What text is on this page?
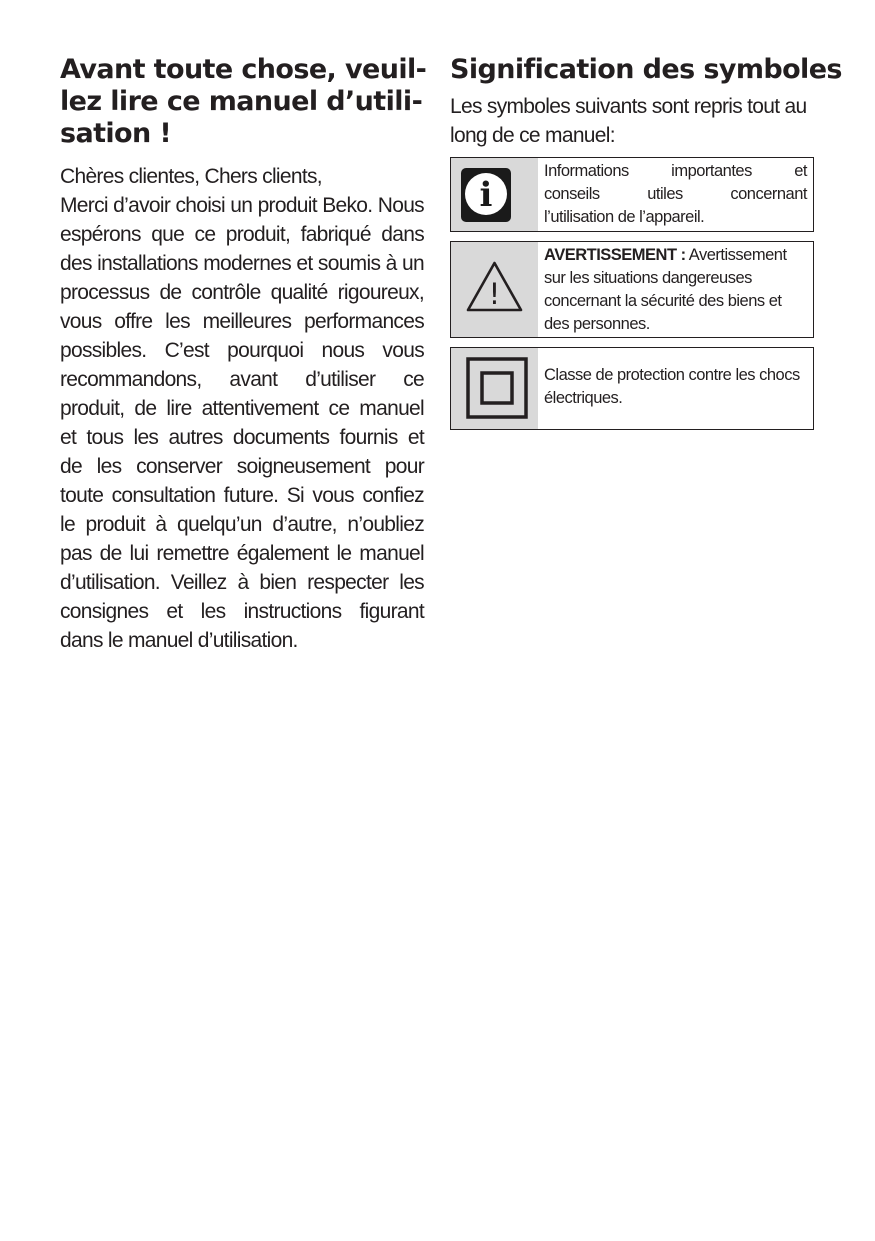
Avant toute chose, veuil-
lez lire ce manuel d’utili-
sation !
Chères clientes, Chers clients,
Merci d’avoir choisi un produit Beko. Nous
espérons que ce produit, fabriqué dans
des installations modernes et soumis à un
processus de contrôle qualité rigoureux,
vous offre les meilleures performances
possibles. C’est pourquoi nous vous
recommandons, avant d’utiliser ce
produit, de lire attentivement ce manuel
et tous les autres documents fournis et
de les conserver soigneusement pour
toute consultation future. Si vous confiez
le produit à quelqu’un d’autre, n’oubliez
pas de lui remettre également le manuel
d’utilisation. Veillez à bien respecter les
consignes et les instructions figurant
dans le manuel d’utilisation.
Signification des symboles
Les symboles suivants sont repris tout au
long de ce manuel:
i
Informations importantes et
conseils utiles concernant
l’utilisation de l’appareil.
!
AVERTISSEMENT : Avertissement
sur les situations dangereuses
concernant la sécurité des biens et
des personnes.
Classe de protection contre les chocs
électriques.
